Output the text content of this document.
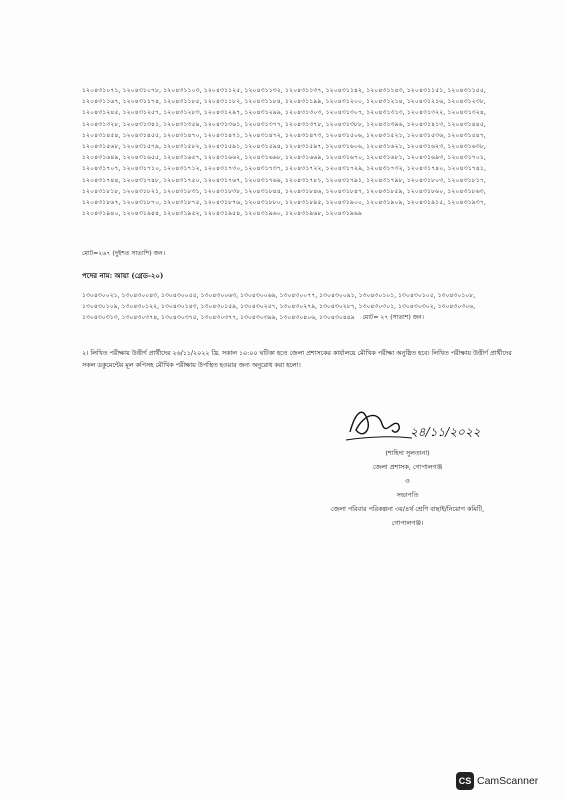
১২০৪৩১০৭১, ১২০৪৩১০৭৮, ১২০৪৩১১০৩, ১২০৪৩১১২৫, ১২০৪৩১১৩২, ১২০৪৩১১৩৭, ১২০৪৩১১৪২, ১২০৪৩১১৪৩, ১২০৪৩১১৫১, ১২০৪৩১১৫৫, ১২০৪৩১১৬৭, ১২০৪৩১১৭৪, ১২০৪৩১১৮৫, ১২০৪৩১১৮২, ১২০৪৩১১৮৪, ১২০৪৩১১৯৯, ১২০৪৩১২০০, ১২০৪৩১২১৪, ১২০৪৩১২১৬, ১২০৪৩১২৩৮, ১২০৪৩১২৪৫, ১২০৪৩১২৫৭, ১২০৪৩১২৮৩, ১২০৪৩১২৯৭, ১২০৪৩১২৯৯, ১২০৪৩১৩০৩, ১২০৪৩১৩০৭, ১২০৪৩১৩১৩, ১২০৪৩১৩২২, ১২০৪৩১৩২৪, ১২০৪৩১৩২৮, ১২০৪৩১৩৪১, ১২০৪৩১৩৫৯, ১২০৪৩১৩৬১, ১২০৪৩১৩৭৭, ১২০৪৩১৩৭৮, ১২০৪৩১৩৮৮, ১২০৪৩১৩৯৬, ১২০৪৩১৪১৩, ১২০৪৩১৪৪৫, ১২০৪৩১৪৫৪, ১২০৪৩১৪৫৫, ১২০৪৩১৪৭০, ১২০৪৩১৪৭১, ১২০৪৩১৪৭২, ১২০৪৩১৪৭৩, ১২০৪৩১৫০৬, ১২০৪৩১৫২১, ১২০৪৩১৫৩৬, ১২০৪৩১৫৪৭, ১২০৪৩১৫৬৮, ১২০৪৩১৫৭৯, ১২০৪৩১৫৮২, ১২০৪৩১৫৯১, ১২০৪৩১৫৯৪, ১২০৪৩১৫৯৭, ১২০৪৩১৬০৬, ১২০৪৩১৬২১, ১২০৪৩১৬২৩, ১২০৪৩১৬৩৮, ১২০৪৩১৬৪৯, ১২০৪৩১৬৫৫, ১২০৪৩১৬৫৭, ১২০৪৩১৬৬২, ১২০৪৩১৬৬৮, ১২০৪৩১৬৬৯, ১২০৪৩১৬৭০, ১২০৪৩১৬৮১, ১২০৪৩১৬৯৩, ১২০৪৩১৭০১, ১২০৪৩১৭০৭, ১২০৪৩১৭১০, ১২০৪৩১৭১২, ১২০৪৩১৭৩০, ১২০৪৩১৭৩৭, ১২০৪৩১৭২২, ১২০৪৩১৭২৯, ১২০৪৩১৭৩২, ১২০৪৩১৭৪০, ১২০৪৩১৭৪১, ১২০৪৩১৭৪৪, ১২০৪৩১৭৪৮, ১২০৪৩১৭৫০, ১২০৪৩১৭৬৭, ১২০৪৩১৭৬৯, ১২০৪৩১৭৮১, ১২০৪৩১৭৯১, ১২০৪৩১৭৯৮, ১২০৪৩১৮০৩, ১২০৪৩১৮১৭, ১২০৪৩১৮১৮, ১২০৪৩১৮২১, ১২০৪৩১৮৩১, ১২০৪৩১৮৩৮, ১২০৪৩১৮৪৪, ১২০৪৩১৮৪৬, ১২০৪৩১৮৪৭, ১২০৪৩১৮৫৯, ১২০৪৩১৮৬০, ১২০৪৩১৮৬৩, ১২০৪৩১৮৬৭, ১২০৪৩১৮৭০, ১২০৪৩১৮৭৫, ১২০৪৩১৮৭৬, ১২০৪৩১৮৮০, ১২০৪৩১৮৯৫, ১২০৪৩১৯০০, ১২০৪৩১৯০৯, ১২০৪৩১৯১৫, ১২০৪৩১৯৩৭, ১২০৪৩১৯৪০, ১২০৪৩১৯৪৪, ১২০৪৩১৯৫২, ১২০৪৩১৯৫৪, ১২০৪৩১৯৬০, ১২০৪৩১৯৬৮, ১২০৪৩১৯৬৯
মোট=২৬৭ (দুইশত সাতাশি) জন।
পদের নাম: আয়া (গ্রেড-২০)
১৩০৪৩০০২১, ১৩০৪৩০০৪৩, ১৩০৪৩০০৫৫, ১৩০৪৩০০৬৩, ১৩০৪৩০০৬৯, ১৩০৪৩০০৭৭, ১৩০৪৩০০৯১, ১৩০৪৩০১০১, ১৩০৪৩০১০৫, ১৩০৪৩০১০৮, ১৩০৪৩০১০৯, ১৩০৪৩০১২২, ১৩০৪৩০১৪৩, ১৩০৪৩০১৫৯, ১৩০৪৩০২৫৭, ১৩০৪৩০২৭৯, ১৩০৪৩০২৮৭, ১৩০৪৩০৩০১, ১৩০৪৩০৩০২, ১৩০৪৩০৩০৬, ১৩০৪৩০৩১৩, ১৩০৪৩০৩৭৪, ১৩০৪৩০৩৭৫, ১৩০৪৩০৩৭৭, ১৩০৪৩০৩৯৯, ১৩০৪৩০৪০৬, ১৩০৪৩০৪৪৯ মোট= ২৭ (সাতাশ) জন।
২। লিখিত পরীক্ষায় উত্তীর্ণ প্রার্থীদের ২৬/১১/২০২২ খ্রি. সকাল ১০:০০ ঘটিকা হতে জেলা প্রশাসকের কার্যালয়ে মৌখিক পরীক্ষা অনুষ্ঠিত হবে। লিখিত পরীক্ষায় উত্তীর্ণ প্রার্থীদের সকল ডকুমেন্টের মূল কপিসহ মৌখিক পরীক্ষায় উপস্থিত হওয়ার জন্য অনুরোধ করা হলো।
২৪/১১/২০২২
(শাহিদা সুলতানা)
জেলা প্রশাসক, গোপালগঞ্জ
ও
সভাপতি
জেলা পরিবার পরিকল্পনা ৩য়/৪র্থ শ্রেণি বাছাই/নিয়োগ কমিটি,
গোপালগঞ্জ।
CS CamScanner
